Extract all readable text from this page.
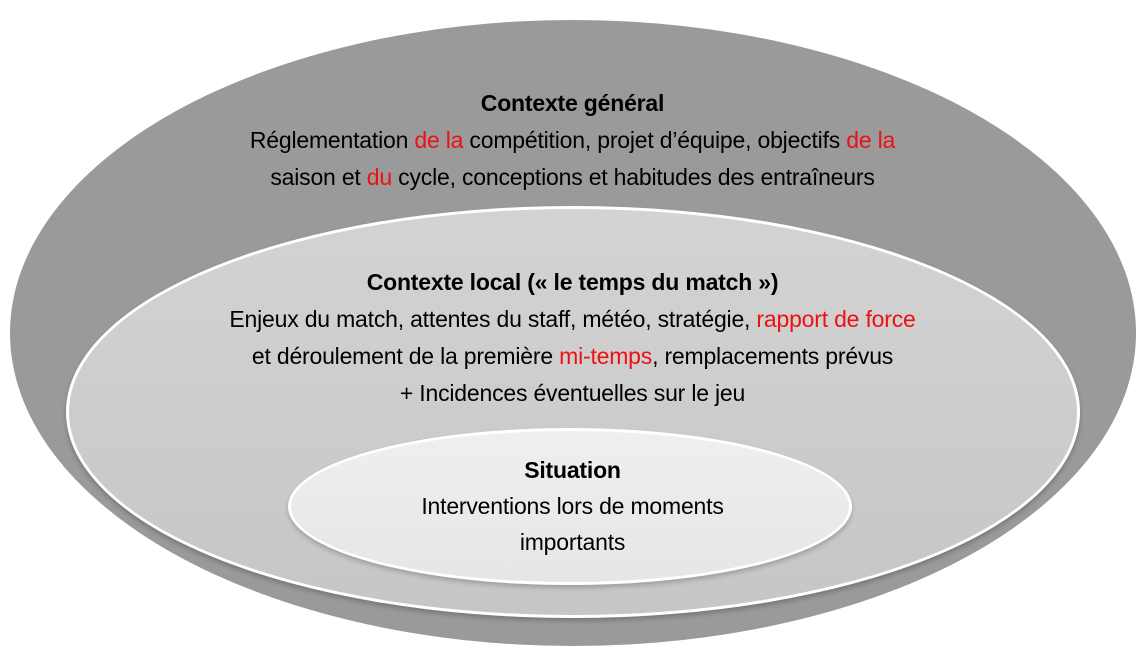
Contexte général
Réglementation de la compétition, projet d’équipe, objectifs de la
saison et du cycle, conceptions et habitudes des entraîneurs
Contexte local (« le temps du match »)
Enjeux du match, attentes du staff, météo, stratégie, rapport de force
et déroulement de la première mi-temps, remplacements prévus
+ Incidences éventuelles sur le jeu
Situation
Interventions lors de moments
importants
